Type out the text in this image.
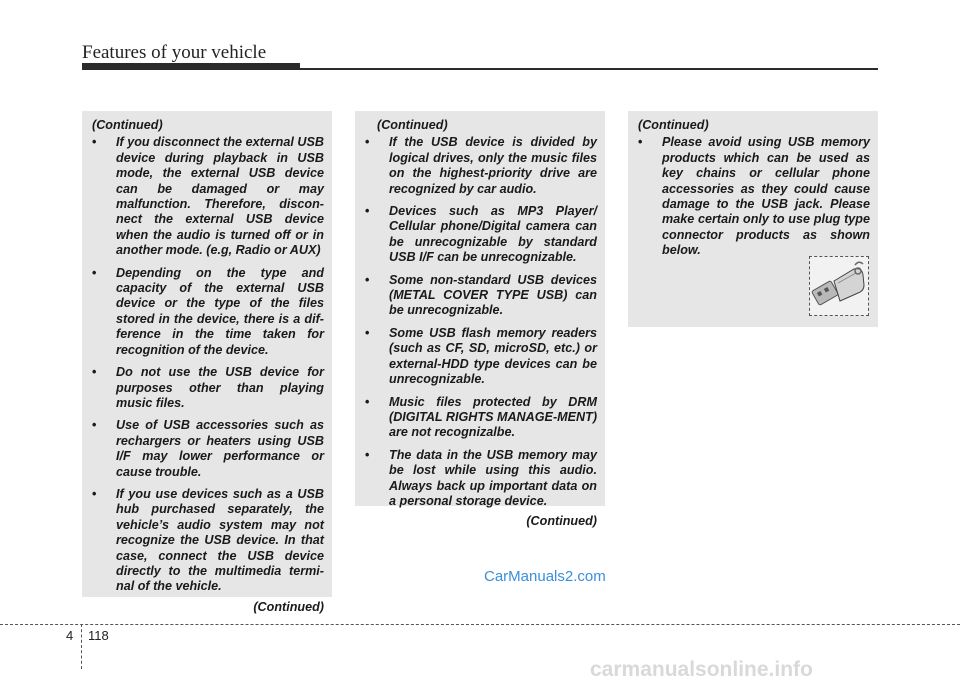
Features of your vehicle
(Continued)
• If you disconnect the external USB device during playback in USB mode, the external USB device can be damaged or may malfunction. Therefore, discon-nect the external USB device when the audio is turned off or in another mode. (e.g, Radio or AUX)
• Depending on the type and capacity of the external USB device or the type of the files stored in the device, there is a dif-ference in the time taken for recognition of the device.
• Do not use the USB device for purposes other than playing music files.
• Use of USB accessories such as rechargers or heaters using USB I/F may lower performance or cause trouble.
• If you use devices such as a USB hub purchased separately, the vehicle’s audio system may not recognize the USB device. In that case, connect the USB device directly to the multimedia termi-nal of the vehicle.
(Continued)
(Continued)
• If the USB device is divided by logical drives, only the music files on the highest-priority drive are recognized by car audio.
• Devices such as MP3 Player/ Cellular phone/Digital camera can be unrecognizable by standard USB I/F can be unrecognizable.
• Some non-standard USB devices (METAL COVER TYPE USB) can be unrecognizable.
• Some USB flash memory readers (such as CF, SD, microSD, etc.) or external-HDD type devices can be unrecognizable.
• Music files protected by DRM (DIGITAL RIGHTS MANAGE-MENT) are not recognizalbe.
• The data in the USB memory may be lost while using this audio. Always back up important data on a personal storage device.
(Continued)
(Continued)
• Please avoid using USB memory products which can be used as key chains or cellular phone accessories as they could cause damage to the USB jack. Please make certain only to use plug type connector products as shown below.
CarManuals2.com
4 118
carmanualsonline.info
